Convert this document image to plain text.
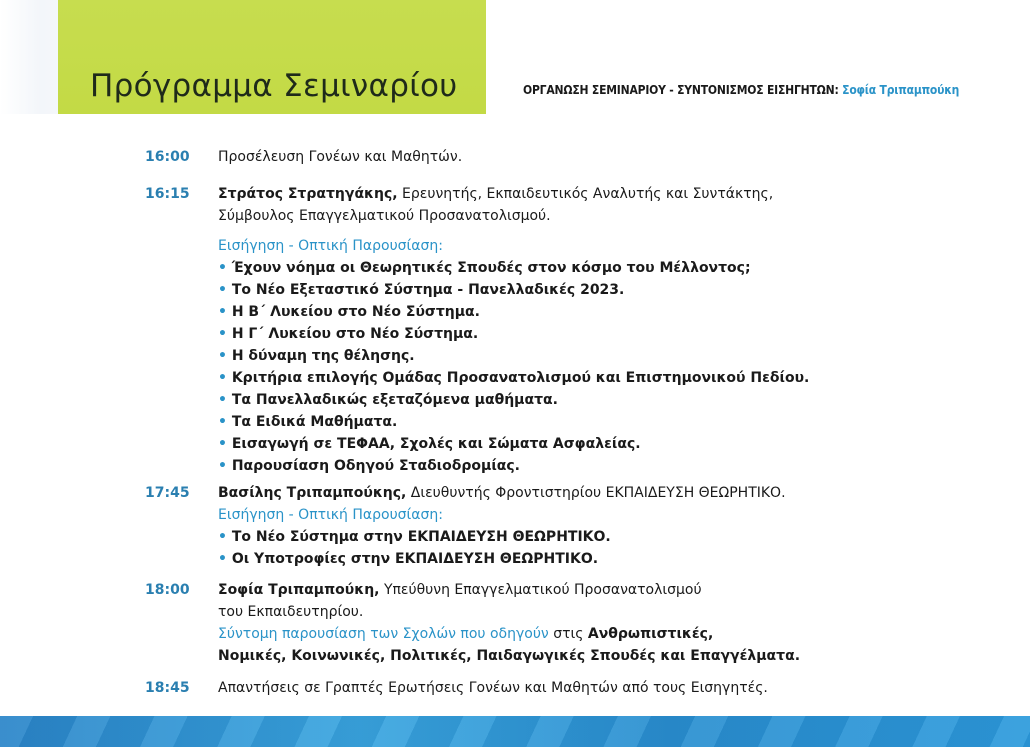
Πρόγραμμα Σεμιναρίου	ΟΡΓΑΝΩΣΗ ΣΕΜΙΝΑΡΙΟΥ - ΣΥΝΤΟΝΙΣΜΟΣ ΕΙΣΗΓΗΤΩΝ: Σοφία Τριπαμπούκη
16:00 Προσέλευση Γονέων και Μαθητών.
16:15 Στράτος Στρατηγάκης, Ερευνητής, Εκπαιδευτικός Αναλυτής και Συντάκτης,
Σύμβουλος Επαγγελματικού Προσανατολισμού.
Εισήγηση - Οπτική Παρουσίαση:
• Έχουν νόημα οι Θεωρητικές Σπουδές στον κόσμο του Μέλλοντος;
• Το Νέο Εξεταστικό Σύστημα - Πανελλαδικές 2023.
• Η Β΄ Λυκείου στο Νέο Σύστημα.
• Η Γ΄ Λυκείου στο Νέο Σύστημα.
• Η δύναμη της θέλησης.
• Κριτήρια επιλογής Ομάδας Προσανατολισμού και Επιστημονικού Πεδίου.
• Τα Πανελλαδικώς εξεταζόμενα μαθήματα.
• Τα Ειδικά Μαθήματα.
• Εισαγωγή σε ΤΕΦΑΑ, Σχολές και Σώματα Ασφαλείας.
• Παρουσίαση Οδηγού Σταδιοδρομίας.
17:45 Βασίλης Τριπαμπούκης, Διευθυντής Φροντιστηρίου ΕΚΠΑΙΔΕΥΣΗ ΘΕΩΡΗΤΙΚΟ.
Εισήγηση - Οπτική Παρουσίαση:
• Το Νέο Σύστημα στην ΕΚΠΑΙΔΕΥΣΗ ΘΕΩΡΗΤΙΚΟ.
• Οι Υποτροφίες στην ΕΚΠΑΙΔΕΥΣΗ ΘΕΩΡΗΤΙΚΟ.
18:00 Σοφία Τριπαμπούκη, Υπεύθυνη Επαγγελματικού Προσανατολισμού
του Εκπαιδευτηρίου.
Σύντομη παρουσίαση των Σχολών που οδηγούν στις Ανθρωπιστικές,
Νομικές, Κοινωνικές, Πολιτικές, Παιδαγωγικές Σπουδές και Επαγγέλματα.
18:45 Απαντήσεις σε Γραπτές Ερωτήσεις Γονέων και Μαθητών από τους Εισηγητές.
